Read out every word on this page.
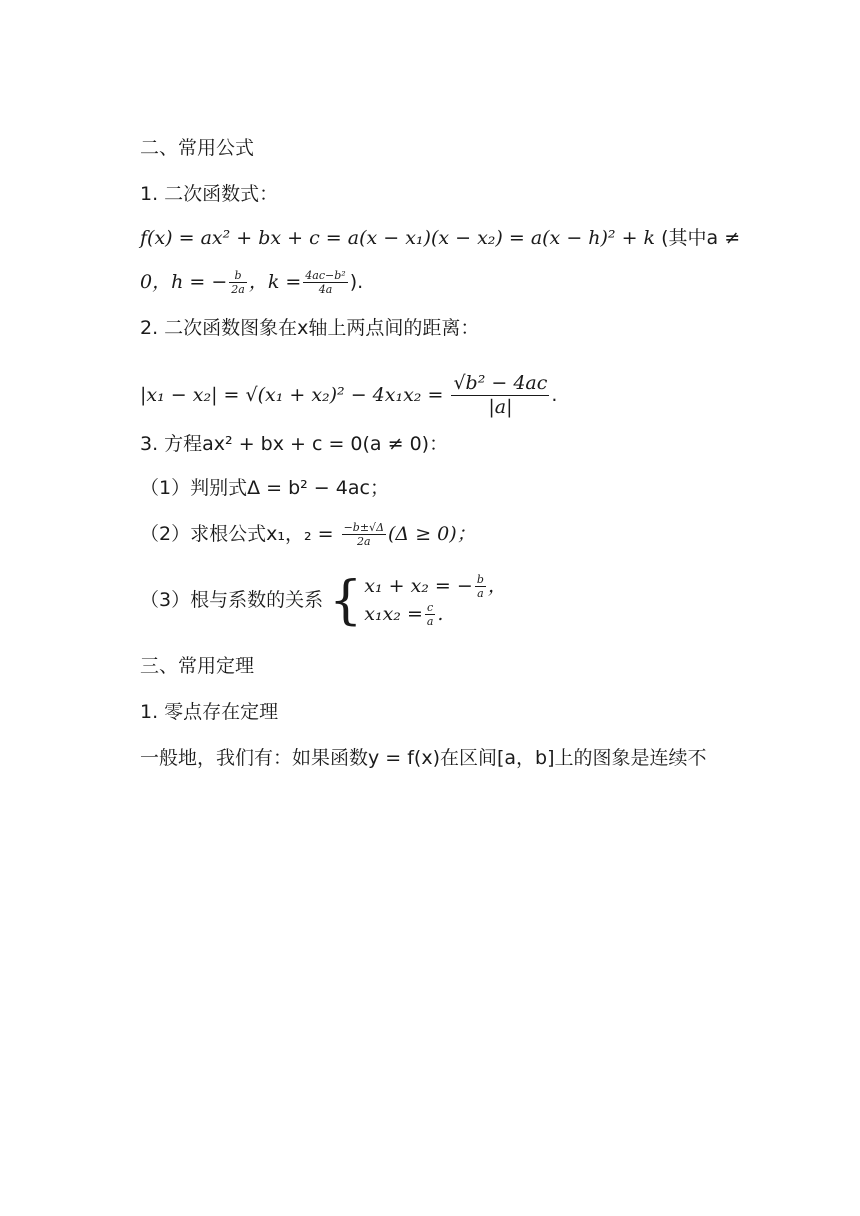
二、常用公式
1. 二次函数式：
f(x) = ax² + bx + c = a(x − x₁)(x − x₂) = a(x − h)² + k (其中a ≠
0，h = − $\frac{b}{2a}$ ，$k = \frac{\text{4ac−b²}}{4a}$ ).
2. 二次函数图象在x轴上两点间的距离：
$|x_1 - x_2| = √(x_1 + x_2)^2 - 4x_1x_2 = \frac{\text{√b² − 4ac}}{|a|}$ .
3. 方程ax² + bx + c = 0(a ≠ 0)：
（1）判别式Δ = b² − 4ac；
（2）求根公式x₁，$_2 = \frac{-b\pm√\Delta}{2a} (\Delta \ge 0)$；
（3）根与系数的关系 { x₁ + x₂ = − $\frac{b}{a}$ ，
$x_1x_2 = \frac{c}{a}$ .
三、常用定理
1. 零点存在定理
一般地，我们有：如果函数y = f(x)在区间[a，b]上的图象是连续不
